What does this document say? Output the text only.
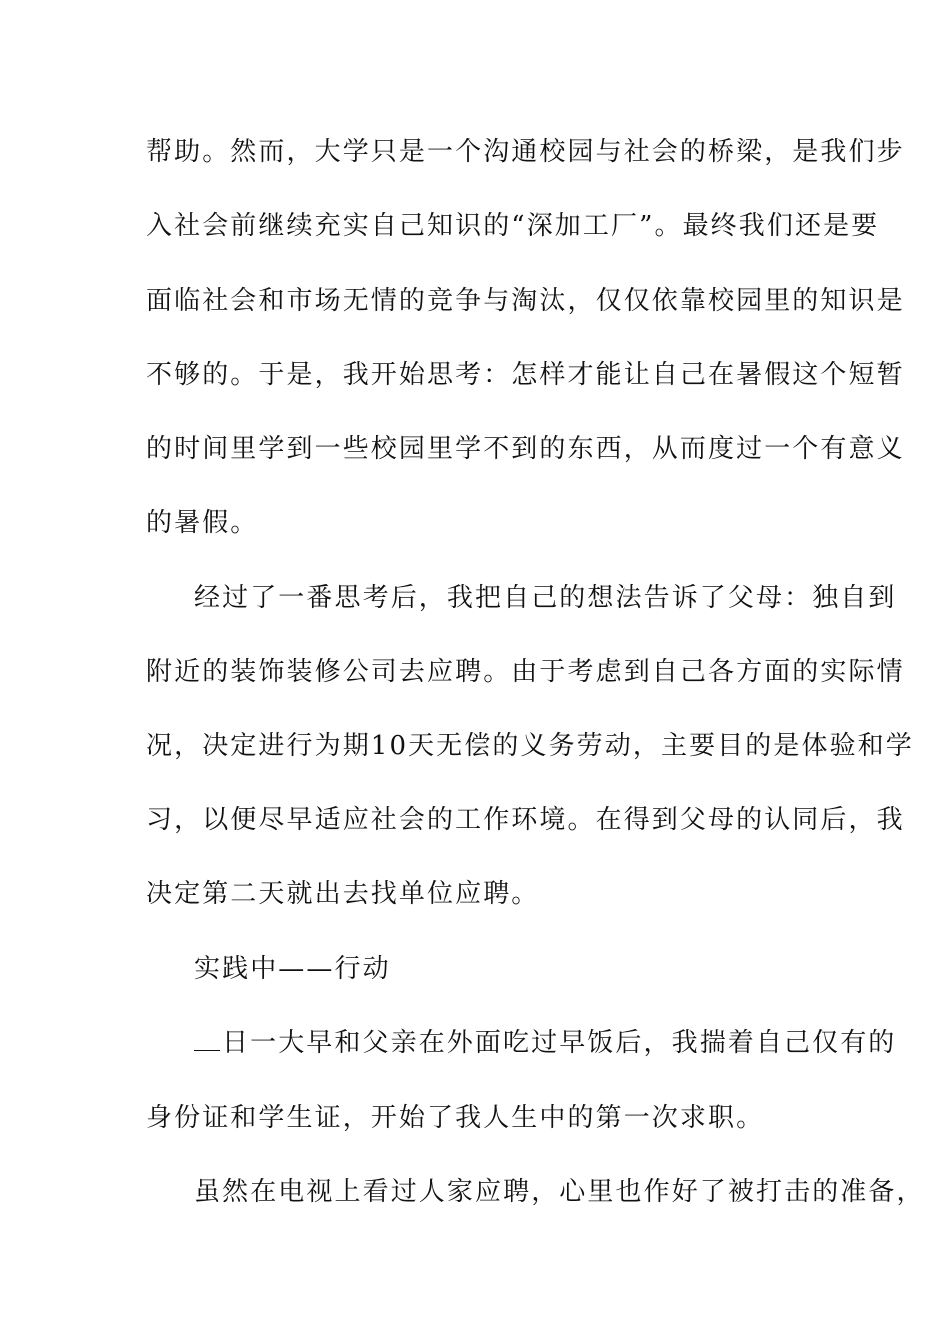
帮助。然而，大学只是一个沟通校园与社会的桥梁，是我们步
入社会前继续充实自己知识的“深加工厂”。最终我们还是要
面临社会和市场无情的竞争与淘汰，仅仅依靠校园里的知识是
不够的。于是，我开始思考：怎样才能让自己在暑假这个短暂
的时间里学到一些校园里学不到的东西，从而度过一个有意义
的暑假。
经过了一番思考后，我把自己的想法告诉了父母：独自到
附近的装饰装修公司去应聘。由于考虑到自己各方面的实际情
况，决定进行为期10天无偿的义务劳动，主要目的是体验和学
习，以便尽早适应社会的工作环境。在得到父母的认同后，我
决定第二天就出去找单位应聘。
实践中——行动
日一大早和父亲在外面吃过早饭后，我揣着自己仅有的
身份证和学生证，开始了我人生中的第一次求职。
虽然在电视上看过人家应聘，心里也作好了被打击的准备，
